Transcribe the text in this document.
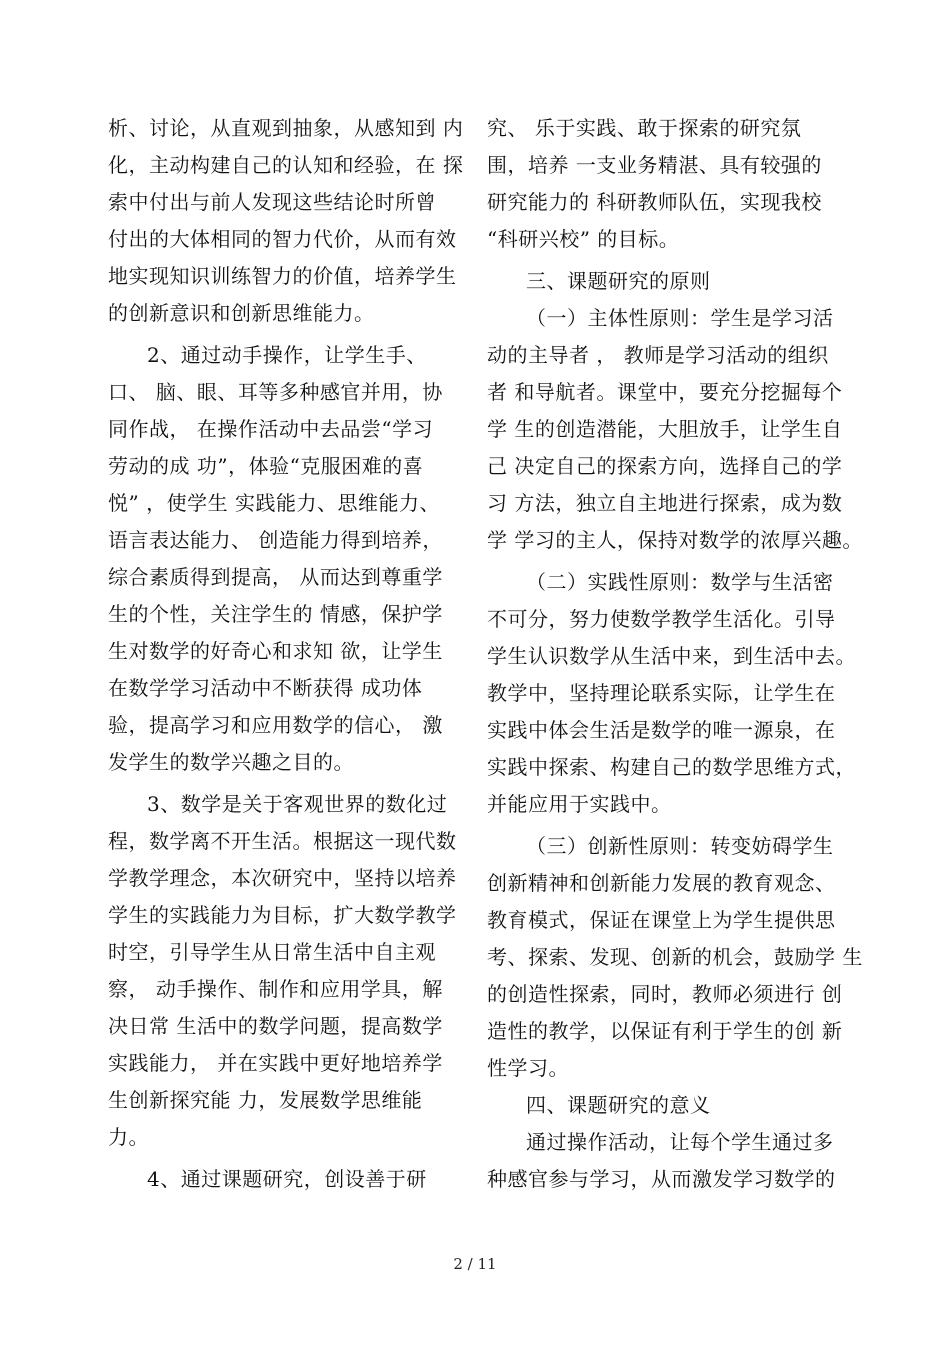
析、讨论，从直观到抽象，从感知到 内
化，主动构建自己的认知和经验，在 探
索中付出与前人发现这些结论时所曾
付出的大体相同的智力代价，从而有效
地实现知识训练智力的价值，培养学生
的创新意识和创新思维能力。
2、通过动手操作，让学生手、
口、 脑、眼、耳等多种感官并用，协
同作战， 在操作活动中去品尝“学习
劳动的成 功”，体验“克服困难的喜
悦” ，使学生 实践能力、思维能力、
语言表达能力、 创造能力得到培养，
综合素质得到提高， 从而达到尊重学
生的个性，关注学生的 情感，保护学
生对数学的好奇心和求知 欲，让学生
在数学学习活动中不断获得 成功体
验，提高学习和应用数学的信心， 激
发学生的数学兴趣之目的。
3、数学是关于客观世界的数化过
程，数学离不开生活。根据这一现代数
学教学理念，本次研究中，坚持以培养
学生的实践能力为目标，扩大数学教学
时空，引导学生从日常生活中自主观
察， 动手操作、制作和应用学具，解
决日常 生活中的数学问题，提高数学
实践能力， 并在实践中更好地培养学
生创新探究能 力，发展数学思维能
力。
4、通过课题研究，创设善于研
究、 乐于实践、敢于探索的研究氛
围，培养 一支业务精湛、具有较强的
研究能力的 科研教师队伍，实现我校
“科研兴校” 的目标。
三、课题研究的原则
（一）主体性原则：学生是学习活
动的主导者 ， 教师是学习活动的组织
者 和导航者。课堂中，要充分挖掘每个
学 生的创造潜能，大胆放手，让学生自
己 决定自己的探索方向，选择自己的学
习 方法，独立自主地进行探索，成为数
学 学习的主人，保持对数学的浓厚兴趣。
（二）实践性原则：数学与生活密
不可分，努力使数学教学生活化。引导
学生认识数学从生活中来，到生活中去。
教学中，坚持理论联系实际，让学生在
实践中体会生活是数学的唯一源泉，在
实践中探索、构建自己的数学思维方式，
并能应用于实践中。
（三）创新性原则：转变妨碍学生
创新精神和创新能力发展的教育观念、
教育模式，保证在课堂上为学生提供思
考、探索、发现、创新的机会，鼓励学 生
的创造性探索，同时，教师必须进行 创
造性的教学，以保证有利于学生的创 新
性学习。
四、课题研究的意义
通过操作活动，让每个学生通过多
种感官参与学习，从而激发学习数学的
2 / 11
